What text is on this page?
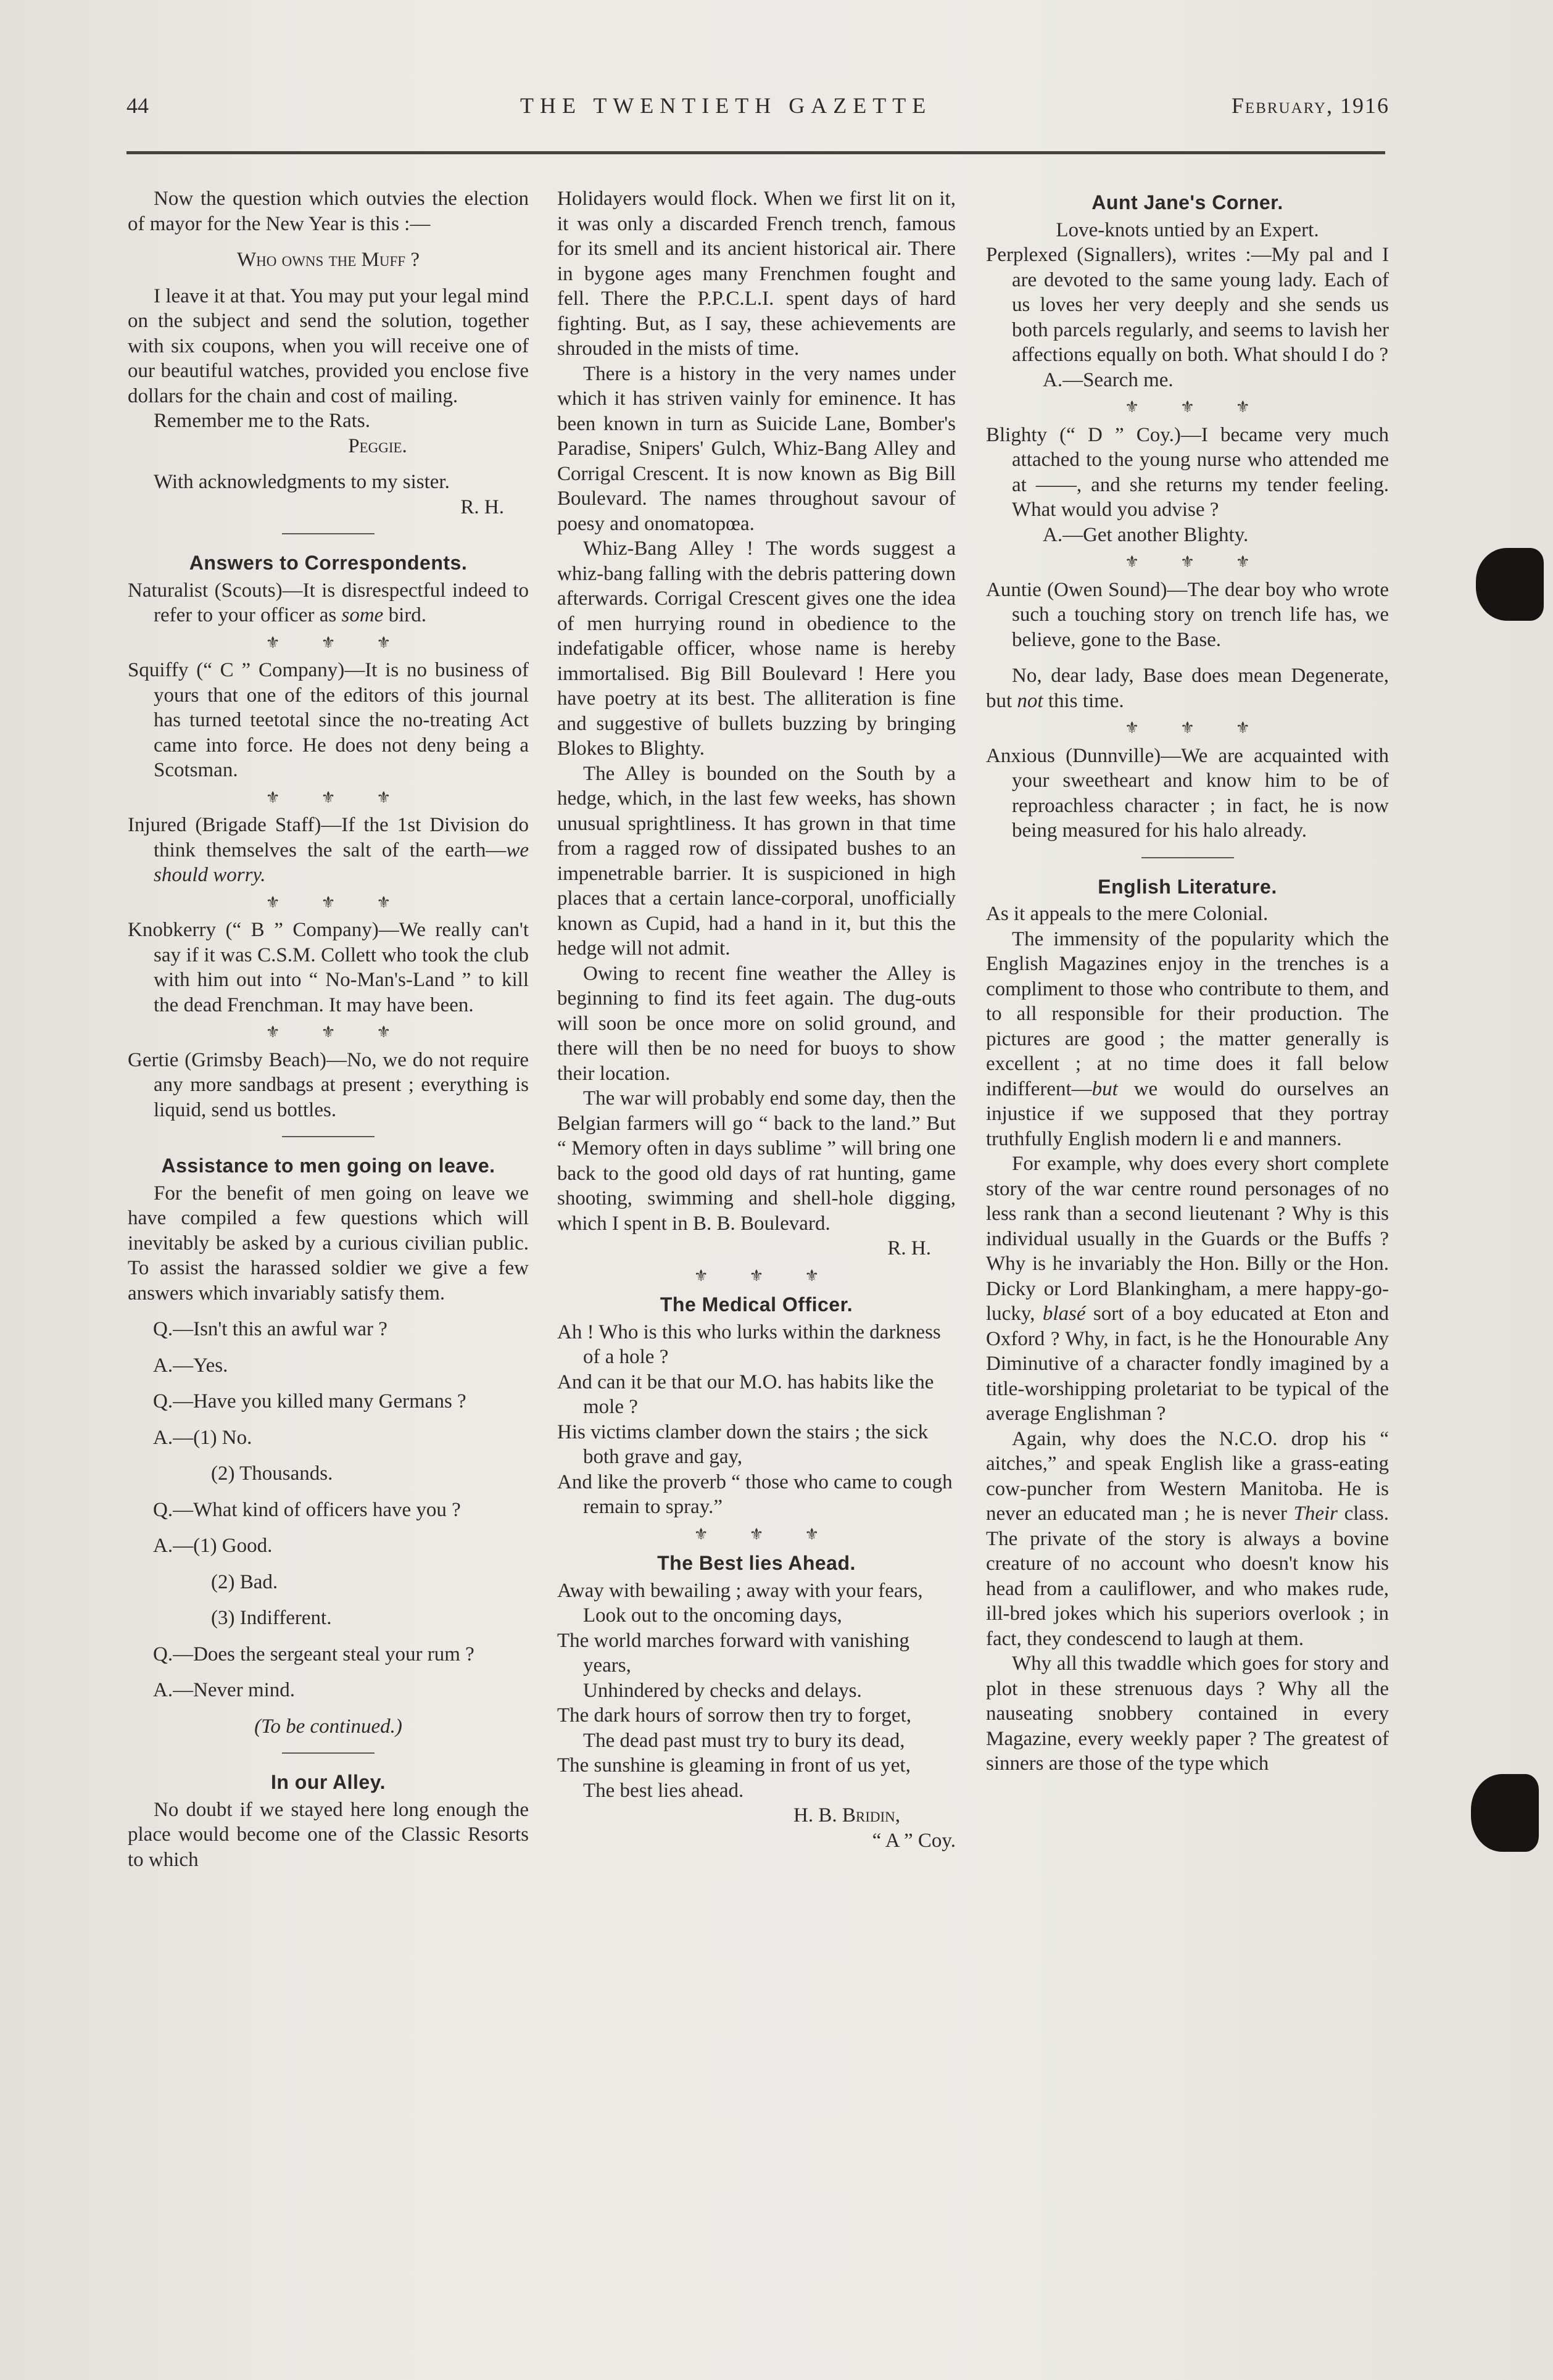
44	THE TWENTIETH GAZETTE	February, 1916

Now the question which outvies the election of mayor for the New Year is this :—

Who owns the Muff ?

I leave it at that. You may put your legal mind on the subject and send the solution, together with six coupons, when you will receive one of our beautiful watches, provided you enclose five dollars for the chain and cost of mailing.

Remember me to the Rats.

Peggie.

With acknowledgments to my sister.

R. H.

Answers to Correspondents.

Naturalist (Scouts)—It is disrespectful indeed to refer to your officer as some bird.

⚜ ⚜ ⚜

Squiffy (“ C ” Company)—It is no business of yours that one of the editors of this journal has turned teetotal since the no-treating Act came into force. He does not deny being a Scotsman.

⚜ ⚜ ⚜

Injured (Brigade Staff)—If the 1st Division do think themselves the salt of the earth—we should worry.

⚜ ⚜ ⚜

Knobkerry (“ B ” Company)—We really can't say if it was C.S.M. Collett who took the club with him out into “ No-Man's-Land ” to kill the dead Frenchman. It may have been.

⚜ ⚜ ⚜

Gertie (Grimsby Beach)—No, we do not require any more sandbags at present ; everything is liquid, send us bottles.

Assistance to men going on leave.

For the benefit of men going on leave we have compiled a few questions which will inevitably be asked by a curious civilian public. To assist the harassed soldier we give a few answers which invariably satisfy them.

Q.—Isn't this an awful war ?

A.—Yes.

Q.—Have you killed many Germans ?

A.—(1) No.

(2) Thousands.

Q.—What kind of officers have you ?

A.—(1) Good.

(2) Bad.

(3) Indifferent.

Q.—Does the sergeant steal your rum ?

A.—Never mind.

(To be continued.)

In our Alley.

No doubt if we stayed here long enough the place would become one of the Classic Resorts to which

Holidayers would flock. When we first lit on it, it was only a discarded French trench, famous for its smell and its ancient historical air. There in bygone ages many Frenchmen fought and fell. There the P.P.C.L.I. spent days of hard fighting. But, as I say, these achievements are shrouded in the mists of time.

There is a history in the very names under which it has striven vainly for eminence. It has been known in turn as Suicide Lane, Bomber's Paradise, Snipers' Gulch, Whiz-Bang Alley and Corrigal Crescent. It is now known as Big Bill Boulevard. The names throughout savour of poesy and onomatopœa.

Whiz-Bang Alley ! The words suggest a whiz-bang falling with the debris pattering down afterwards. Corrigal Crescent gives one the idea of men hurrying round in obedience to the indefatigable officer, whose name is hereby immortalised. Big Bill Boulevard ! Here you have poetry at its best. The alliteration is fine and suggestive of bullets buzzing by bringing Blokes to Blighty.

The Alley is bounded on the South by a hedge, which, in the last few weeks, has shown unusual sprightliness. It has grown in that time from a ragged row of dissipated bushes to an impenetrable barrier. It is suspicioned in high places that a certain lance-corporal, unofficially known as Cupid, had a hand in it, but this the hedge will not admit.

Owing to recent fine weather the Alley is beginning to find its feet again. The dug-outs will soon be once more on solid ground, and there will then be no need for buoys to show their location.

The war will probably end some day, then the Belgian farmers will go “ back to the land.” But “ Memory often in days sublime ” will bring one back to the good old days of rat hunting, game shooting, swimming and shell-hole digging, which I spent in B. B. Boulevard.

R. H.

⚜ ⚜ ⚜

The Medical Officer.

Ah ! Who is this who lurks within the darkness of a hole ?

And can it be that our M.O. has habits like the mole ?

His victims clamber down the stairs ; the sick both grave and gay,

And like the proverb “ those who came to cough remain to spray.”

⚜ ⚜ ⚜

The Best lies Ahead.

Away with bewailing ; away with your fears,

Look out to the oncoming days,

The world marches forward with vanishing years,

Unhindered by checks and delays.

The dark hours of sorrow then try to forget,

The dead past must try to bury its dead,

The sunshine is gleaming in front of us yet,

The best lies ahead.

H. B. Bridin,

“ A ” Coy.

Aunt Jane's Corner.

Love-knots untied by an Expert.

Perplexed (Signallers), writes :—My pal and I are devoted to the same young lady. Each of us loves her very deeply and she sends us both parcels regularly, and seems to lavish her affections equally on both. What should I do ?

A.—Search me.

⚜ ⚜ ⚜

Blighty (“ D ” Coy.)—I became very much attached to the young nurse who attended me at ——, and she returns my tender feeling. What would you advise ?

A.—Get another Blighty.

⚜ ⚜ ⚜

Auntie (Owen Sound)—The dear boy who wrote such a touching story on trench life has, we believe, gone to the Base.

No, dear lady, Base does mean Degenerate, but not this time.

⚜ ⚜ ⚜

Anxious (Dunnville)—We are acquainted with your sweetheart and know him to be of reproachless character ; in fact, he is now being measured for his halo already.

English Literature.

As it appeals to the mere Colonial.

The immensity of the popularity which the English Magazines enjoy in the trenches is a compliment to those who contribute to them, and to all responsible for their production. The pictures are good ; the matter generally is excellent ; at no time does it fall below indifferent—but we would do ourselves an injustice if we supposed that they portray truthfully English modern li e and manners.

For example, why does every short complete story of the war centre round personages of no less rank than a second lieutenant ? Why is this individual usually in the Guards or the Buffs ? Why is he invariably the Hon. Billy or the Hon. Dicky or Lord Blankingham, a mere happy-go-lucky, blasé sort of a boy educated at Eton and Oxford ? Why, in fact, is he the Honourable Any Diminutive of a character fondly imagined by a title-worshipping proletariat to be typical of the average Englishman ?

Again, why does the N.C.O. drop his “ aitches,” and speak English like a grass-eating cow-puncher from Western Manitoba. He is never an educated man ; he is never Their class. The private of the story is always a bovine creature of no account who doesn't know his head from a cauliflower, and who makes rude, ill-bred jokes which his superiors overlook ; in fact, they condescend to laugh at them.

Why all this twaddle which goes for story and plot in these strenuous days ? Why all the nauseating snobbery contained in every Magazine, every weekly paper ? The greatest of sinners are those of the type which
